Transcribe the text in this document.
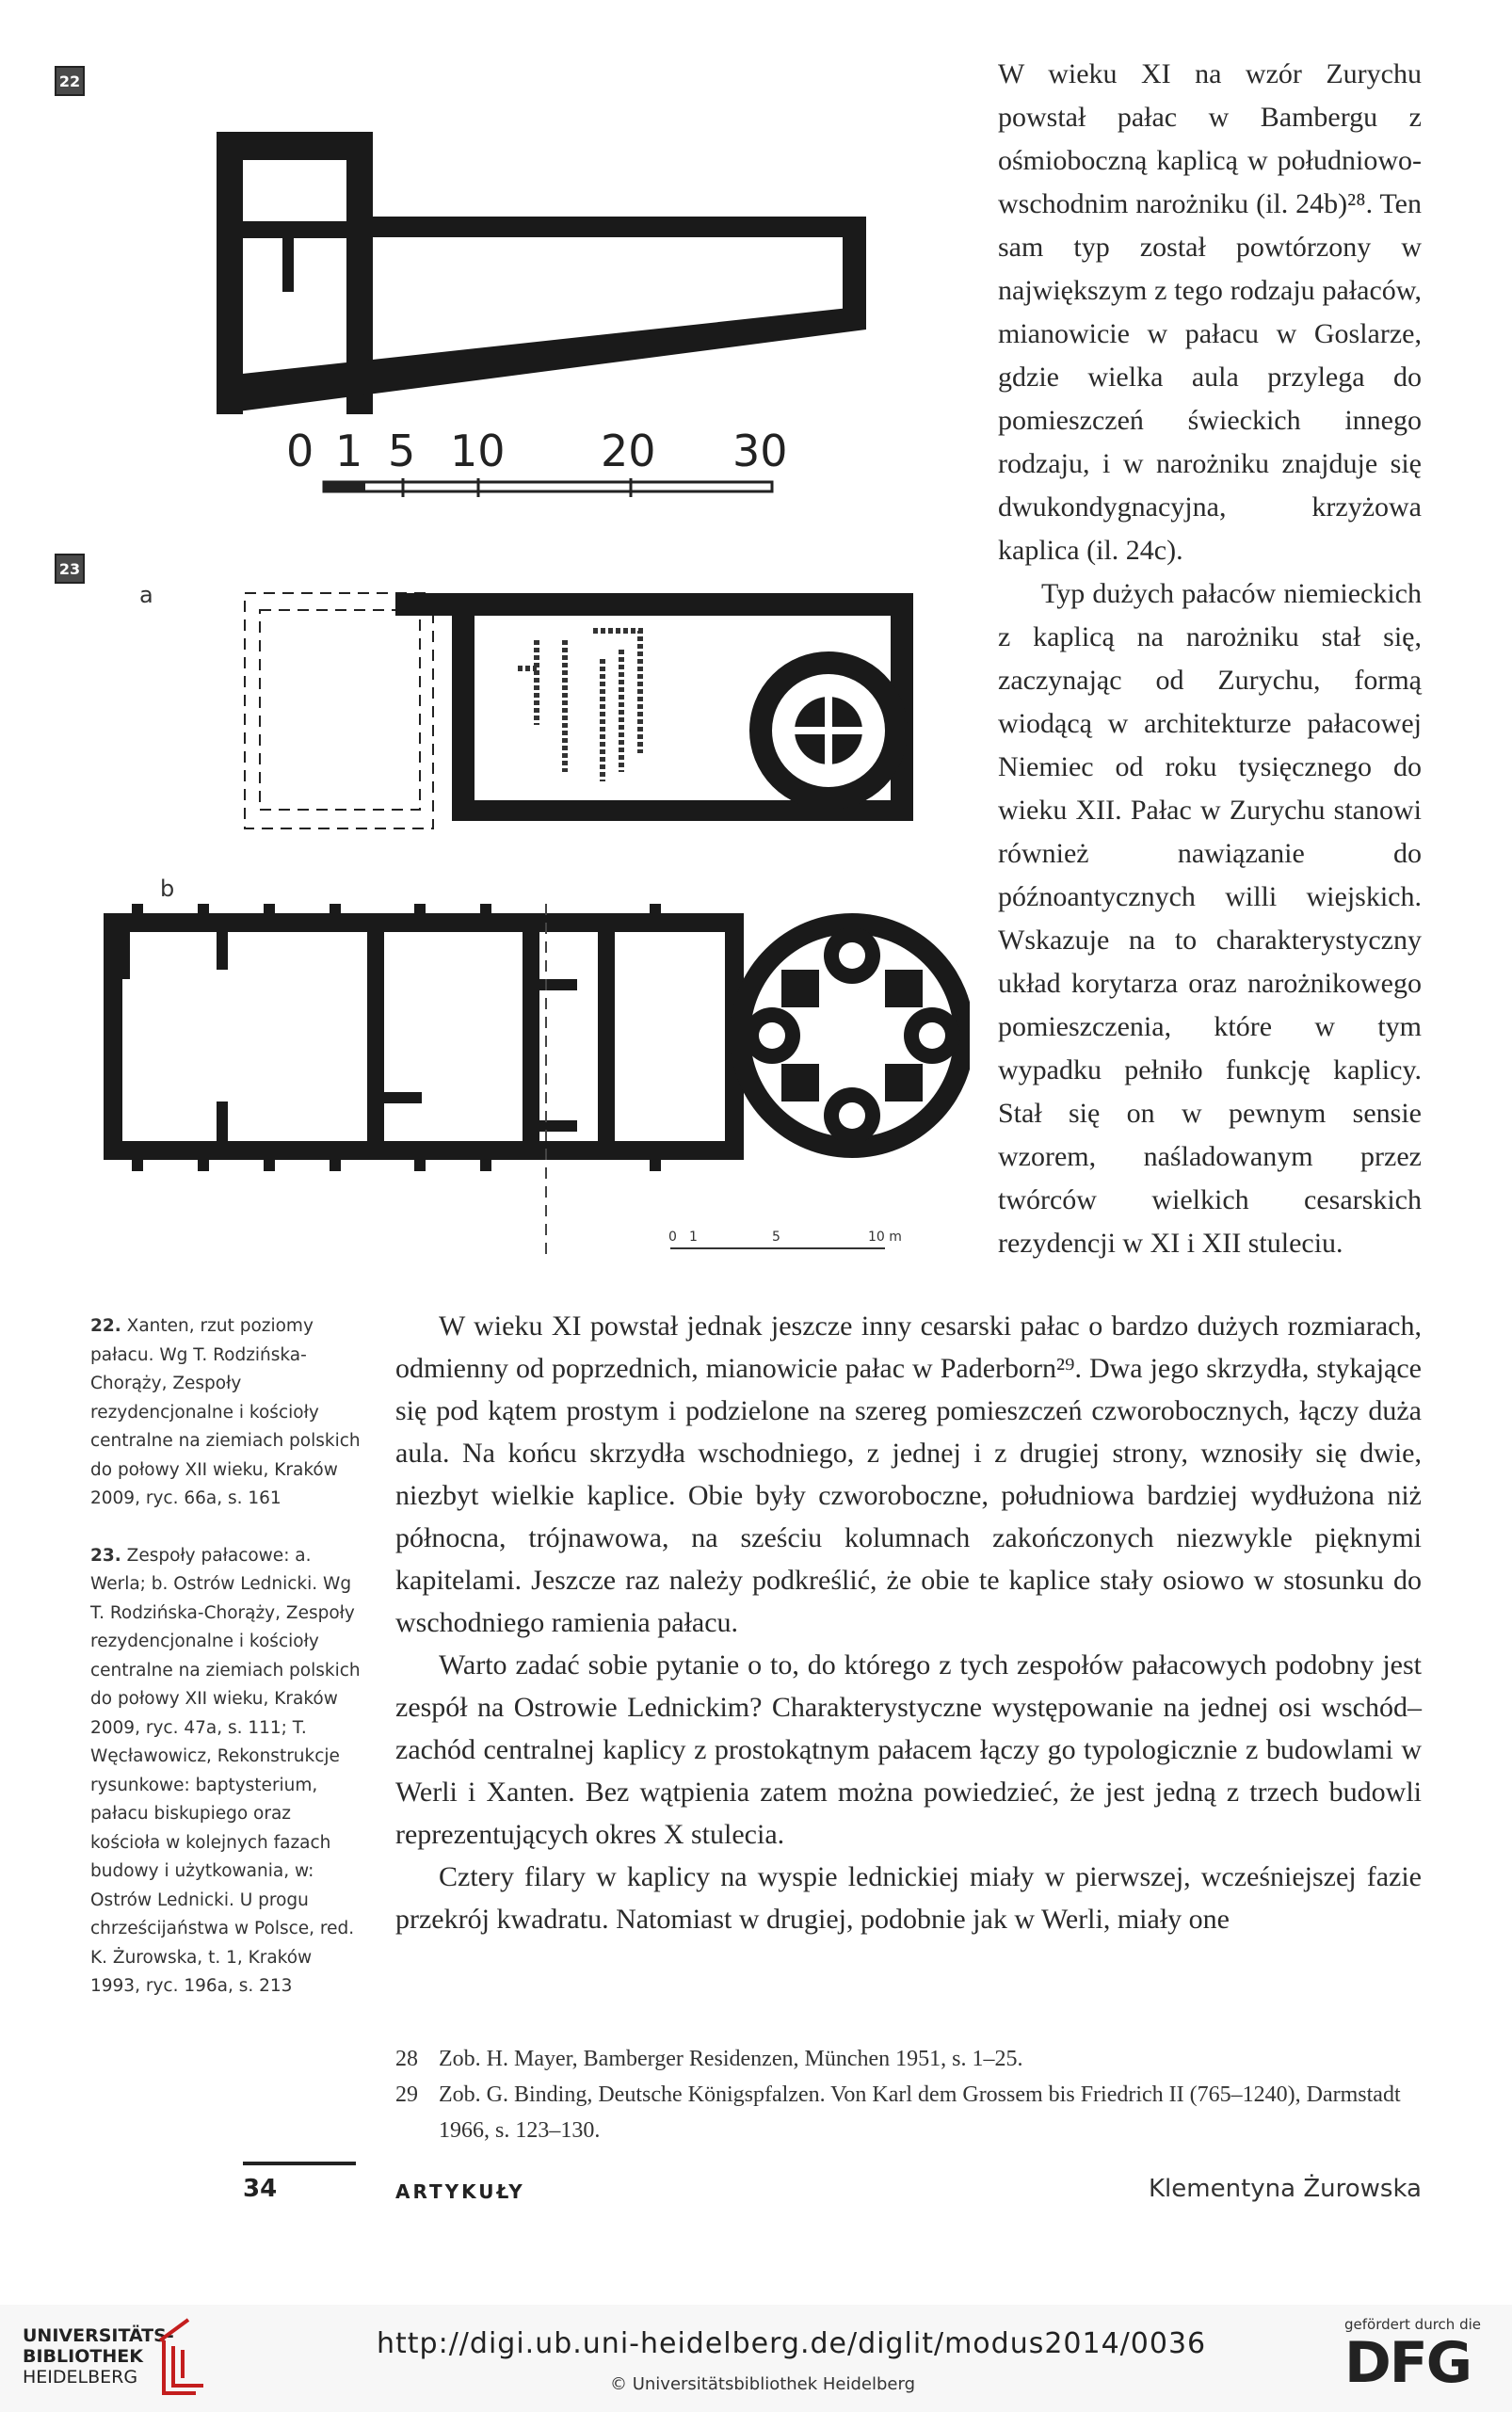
22
23
0 1 5 10 20 30
a
b
0 1	5	10 m

W wieku XI na wzór Zurychu powstał pałac w Bambergu z ośmioboczną kaplicą w południowo-wschodnim narożniku (il. 24b)²⁸. Ten sam typ został powtórzony w największym z tego rodzaju pałaców, mianowicie w pałacu w Goslarze, gdzie wielka aula przylega do pomieszczeń świeckich innego rodzaju, i w narożniku znajduje się dwukondygnacyjna, krzyżowa kaplica (il. 24c).

Typ dużych pałaców niemieckich z kaplicą na narożniku stał się, zaczynając od Zurychu, formą wiodącą w architekturze pałacowej Niemiec od roku tysięcznego do wieku XII. Pałac w Zurychu stanowi również nawiązanie do późnoantycznych willi wiejskich. Wskazuje na to charakterystyczny układ korytarza oraz narożnikowego pomieszczenia, które w tym wypadku pełniło funkcję kaplicy. Stał się on w pewnym sensie wzorem, naśladowanym przez twórców wielkich cesarskich rezydencji w XI i XII stuleciu.

22. Xanten, rzut poziomy pałacu. Wg T. Rodzińska-Chorąży, Zespoły rezydencjonalne i kościoły centralne na ziemiach polskich do połowy XII wieku, Kraków 2009, ryc. 66a, s. 161

23. Zespoły pałacowe: a. Werla; b. Ostrów Lednicki. Wg T. Rodzińska-Chorąży, Zespoły rezydencjonalne i kościoły centralne na ziemiach polskich do połowy XII wieku, Kraków 2009, ryc. 47a, s. 111; T. Węcławowicz, Rekonstrukcje rysunkowe: baptysterium, pałacu biskupiego oraz kościoła w kolejnych fazach budowy i użytkowania, w: Ostrów Lednicki. U progu chrześcijaństwa w Polsce, red. K. Żurowska, t. 1, Kraków 1993, ryc. 196a, s. 213

W wieku XI powstał jednak jeszcze inny cesarski pałac o bardzo dużych rozmiarach, odmienny od poprzednich, mianowicie pałac w Paderborn²⁹. Dwa jego skrzydła, stykające się pod kątem prostym i podzielone na szereg pomieszczeń czworobocznych, łączy duża aula. Na końcu skrzydła wschodniego, z jednej i z drugiej strony, wznosiły się dwie, niezbyt wielkie kaplice. Obie były czworoboczne, południowa bardziej wydłużona niż północna, trójnawowa, na sześciu kolumnach zakończonych niezwykle pięknymi kapitelami. Jeszcze raz należy podkreślić, że obie te kaplice stały osiowo w stosunku do wschodniego ramienia pałacu.

Warto zadać sobie pytanie o to, do którego z tych zespołów pałacowych podobny jest zespół na Ostrowie Lednickim? Charakterystyczne występowanie na jednej osi wschód–zachód centralnej kaplicy z prostokątnym pałacem łączy go typologicznie z budowlami w Werli i Xanten. Bez wątpienia zatem można powiedzieć, że jest jedną z trzech budowli reprezentujących okres X stulecia.

Cztery filary w kaplicy na wyspie lednickiej miały w pierwszej, wcześniejszej fazie przekrój kwadratu. Natomiast w drugiej, podobnie jak w Werli, miały one

28 Zob. H. Mayer, Bamberger Residenzen, München 1951, s. 1–25.
29 Zob. G. Binding, Deutsche Königspfalzen. Von Karl dem Grossem bis Friedrich II (765–1240), Darmstadt 1966, s. 123–130.
34	ARTYKUŁY	Klementyna Żurowska
UNIVERSITÄTS-
BIBLIOTHEK
HEIDELBERG
http://digi.ub.uni-heidelberg.de/diglit/modus2014/0036
© Universitätsbibliothek Heidelberg
gefördert durch die
DFG
